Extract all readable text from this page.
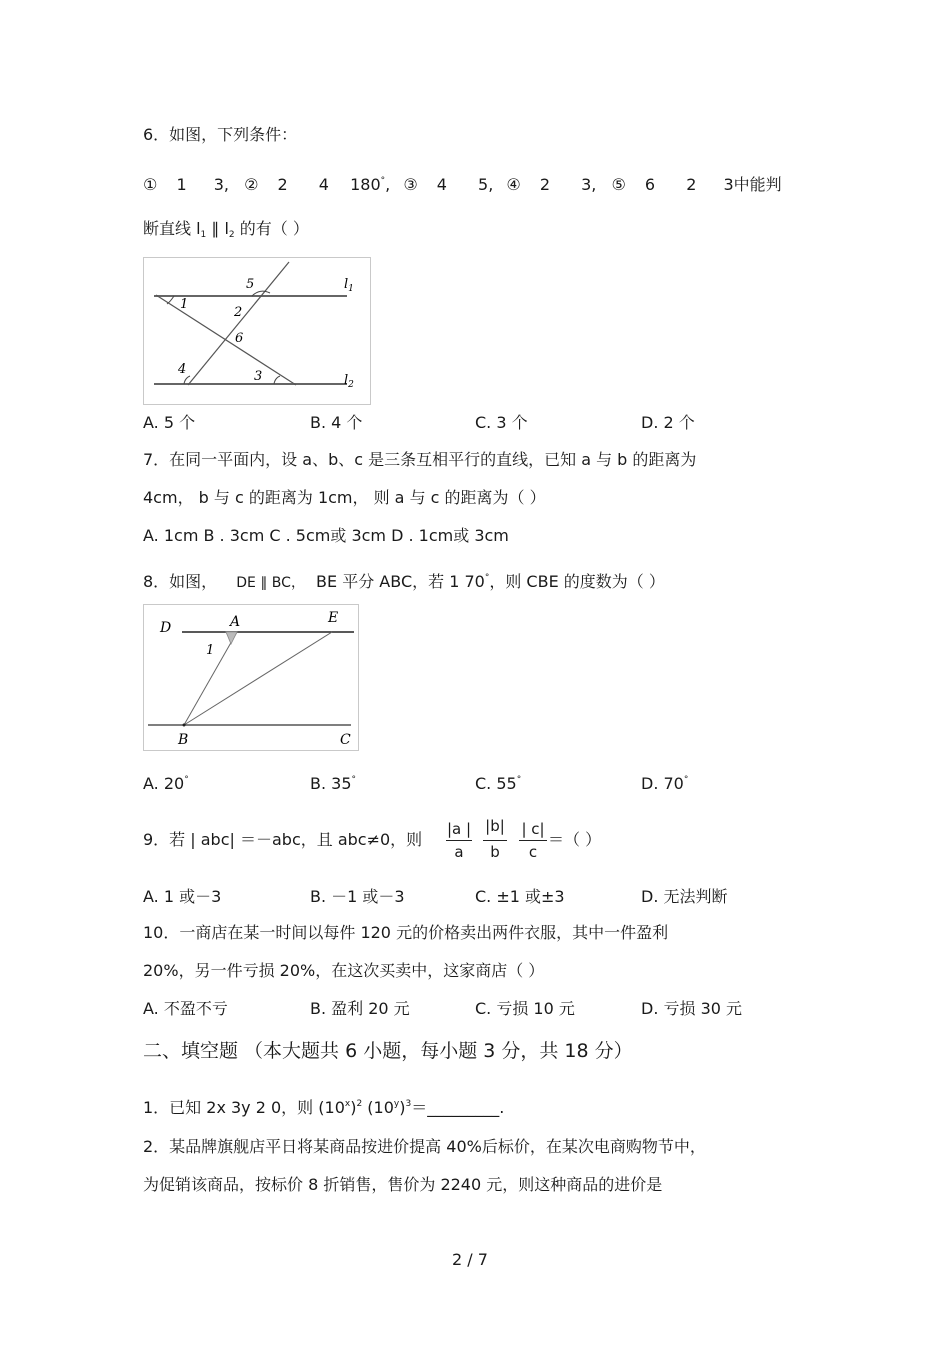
6．如图，下列条件：
① 1 3, ② 2 4 180°, ③ 4 5, ④ 2 3, ⑤ 6 2 3中能判
断直线 $l_1$ ∥ $l_2$ 的有（ ）
5
1
2
6
4	3
$l_1$
$l_2$
A. 5 个	B. 4 个	C. 3 个	D. 2 个
7．在同一平面内，设 a、b、c 是三条互相平行的直线，已知 a 与 b 的距离为
4cm， b 与 c 的距离为 1cm， 则 a 与 c 的距离为（ ）
A. 1cm B . 3cm C . 5cm或 3cm D . 1cm或 3cm
8．如图， DE ∥ BC， BE 平分 ABC，若 1 70°，则 CBE 的度数为（ ）
D	A	E
1
B	C
A. 20°	B. 35°	C. 55°	D. 70°
9．若 | abc| ＝－abc，且 abc≠0，则 $\frac{|a |}{a} \frac{|b|}{b} \frac{| c|}{c}$ ＝（ ）
A. 1 或－3	B. －1 或－3	C. ±1 或±3	D. 无法判断
10．一商店在某一时间以每件 120 元的价格卖出两件衣服，其中一件盈利
20%，另一件亏损 20%，在这次买卖中，这家商店（ ）
A. 不盈不亏	B. 盈利 20 元	C. 亏损 10 元	D. 亏损 30 元
二、填空题 （本大题共 6 小题，每小题 3 分，共 18 分）
1．已知 2x 3y 2 0，则 $(10^x)^2$ $(10^y)^3=\_\_\_\_\_\_\_\_\_$.
2．某品牌旗舰店平日将某商品按进价提高 40%后标价，在某次电商购物节中，
为促销该商品，按标价 8 折销售，售价为 2240 元，则这种商品的进价是
2 / 7
